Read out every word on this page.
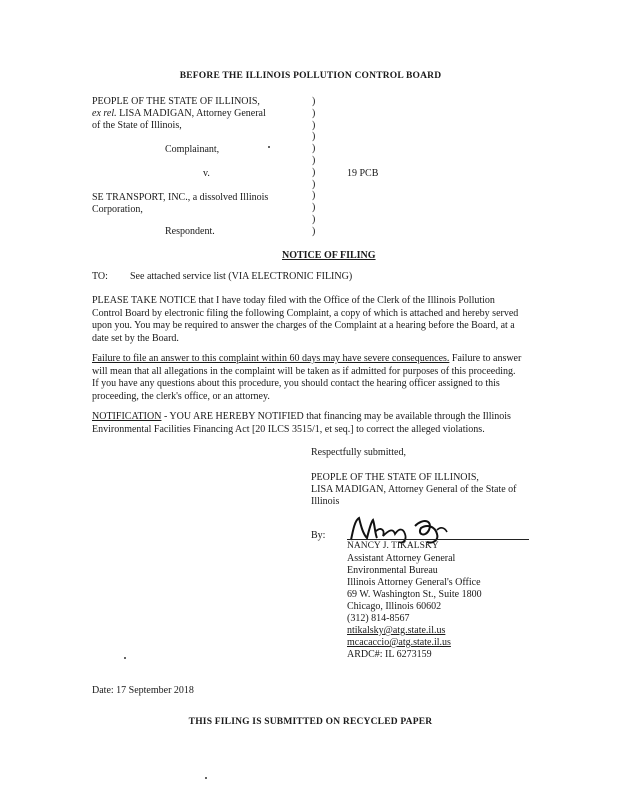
BEFORE THE ILLINOIS POLLUTION CONTROL BOARD
PEOPLE OF THE STATE OF ILLINOIS,
ex rel. LISA MADIGAN, Attorney General
of the State of Illinois,
Complainant,
v.
SE TRANSPORT, INC., a dissolved Illinois
Corporation,
Respondent.
)
)
)
)
)
)
)
)
)
)
)
)
19 PCB
NOTICE OF FILING
TO: See attached service list (VIA ELECTRONIC FILING)
PLEASE TAKE NOTICE that I have today filed with the Office of the Clerk of the Illinois Pollution Control Board by electronic filing the following Complaint, a copy of which is attached and hereby served upon you. You may be required to answer the charges of the Complaint at a hearing before the Board, at a date set by the Board.
Failure to file an answer to this complaint within 60 days may have severe consequences. Failure to answer will mean that all allegations in the complaint will be taken as if admitted for purposes of this proceeding. If you have any questions about this procedure, you should contact the hearing officer assigned to this proceeding, the clerk's office, or an attorney.
NOTIFICATION - YOU ARE HEREBY NOTIFIED that financing may be available through the Illinois Environmental Facilities Financing Act [20 ILCS 3515/1, et seq.] to correct the alleged violations.
Respectfully submitted,
PEOPLE OF THE STATE OF ILLINOIS,
LISA MADIGAN, Attorney General of the State of
Illinois
By:
NANCY J. TIKALSKY
Assistant Attorney General
Environmental Bureau
Illinois Attorney General's Office
69 W. Washington St., Suite 1800
Chicago, Illinois 60602
(312) 814-8567
ntikalsky@atg.state.il.us
mcacaccio@atg.state.il.us
ARDC#: IL 6273159
Date: 17 September 2018
THIS FILING IS SUBMITTED ON RECYCLED PAPER
